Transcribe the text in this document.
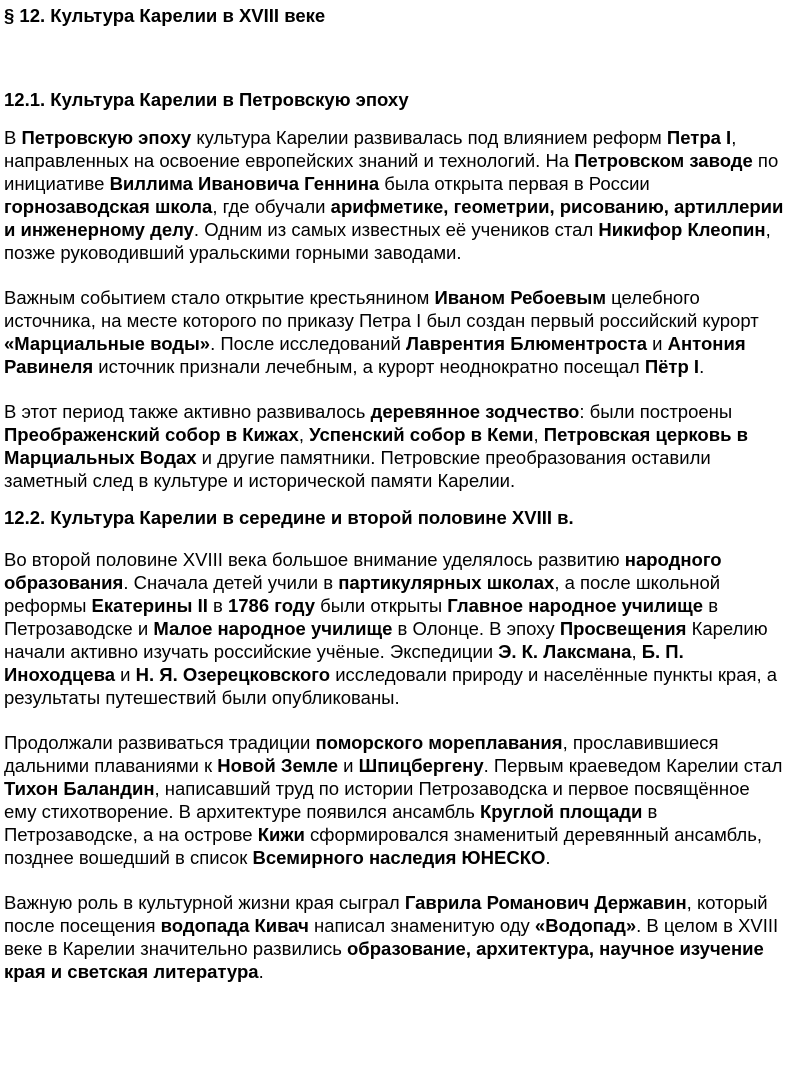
§ 12. Культура Карелии в XVIII веке
12.1. Культура Карелии в Петровскую эпоху

В Петровскую эпоху культура Карелии развивалась под влиянием реформ Петра I, направленных на освоение европейских знаний и технологий. На Петровском заводе по инициативе Виллима Ивановича Геннина была открыта первая в России горнозаводская школа, где обучали арифметике, геометрии, рисованию, артиллерии и инженерному делу. Одним из самых известных её учеников стал Никифор Клеопин, позже руководивший уральскими горными заводами.

Важным событием стало открытие крестьянином Иваном Ребоевым целебного источника, на месте которого по приказу Петра I был создан первый российский курорт «Марциальные воды». После исследований Лаврентия Блюментроста и Антония Равинеля источник признали лечебным, а курорт неоднократно посещал Пётр I.

В этот период также активно развивалось деревянное зодчество: были построены Преображенский собор в Кижах, Успенский собор в Кеми, Петровская церковь в Марциальных Водах и другие памятники. Петровские преобразования оставили заметный след в культуре и исторической памяти Карелии.

12.2. Культура Карелии в середине и второй половине XVIII в.

Во второй половине XVIII века большое внимание уделялось развитию народного образования. Сначала детей учили в партикулярных школах, а после школьной реформы Екатерины II в 1786 году были открыты Главное народное училище в Петрозаводске и Малое народное училище в Олонце. В эпоху Просвещения Карелию начали активно изучать российские учёные. Экспедиции Э. К. Лаксмана, Б. П. Иноходцева и Н. Я. Озерецковского исследовали природу и населённые пункты края, а результаты путешествий были опубликованы.

Продолжали развиваться традиции поморского мореплавания, прославившиеся дальними плаваниями к Новой Земле и Шпицбергену. Первым краеведом Карелии стал Тихон Баландин, написавший труд по истории Петрозаводска и первое посвящённое ему стихотворение. В архитектуре появился ансамбль Круглой площади в Петрозаводске, а на острове Кижи сформировался знаменитый деревянный ансамбль, позднее вошедший в список Всемирного наследия ЮНЕСКО.

Важную роль в культурной жизни края сыграл Гаврила Романович Державин, который после посещения водопада Кивач написал знаменитую оду «Водопад». В целом в XVIII веке в Карелии значительно развились образование, архитектура, научное изучение края и светская литература.
